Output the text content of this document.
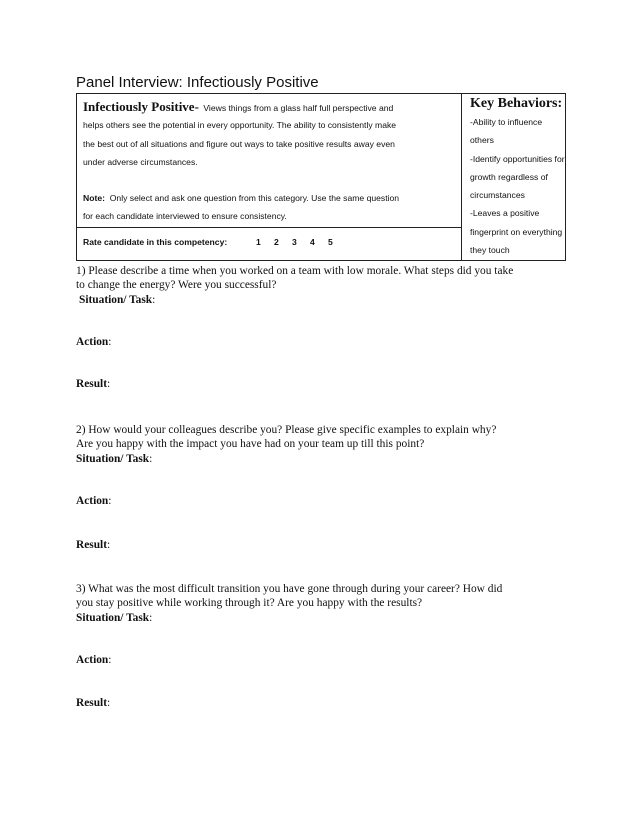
Panel Interview: Infectiously Positive
Infectiously Positive- Views things from a glass half full perspective and
helps others see the potential in every opportunity. The ability to consistently make
the best out of all situations and figure out ways to take positive results away even
under adverse circumstances.
Note: Only select and ask one question from this category. Use the same question
for each candidate interviewed to ensure consistency.
Rate candidate in this competency:	1 2 3 4 5
Key Behaviors:
-Ability to influence
others
-Identify opportunities for
growth regardless of
circumstances
-Leaves a positive
fingerprint on everything
they touch
1) Please describe a time when you worked on a team with low morale. What steps did you take
to change the energy? Were you successful?
Situation/ Task:
Action:
Result:
2) How would your colleagues describe you? Please give specific examples to explain why?
Are you happy with the impact you have had on your team up till this point?
Situation/ Task:
Action:
Result:
3) What was the most difficult transition you have gone through during your career? How did
you stay positive while working through it? Are you happy with the results?
Situation/ Task:
Action:
Result:
